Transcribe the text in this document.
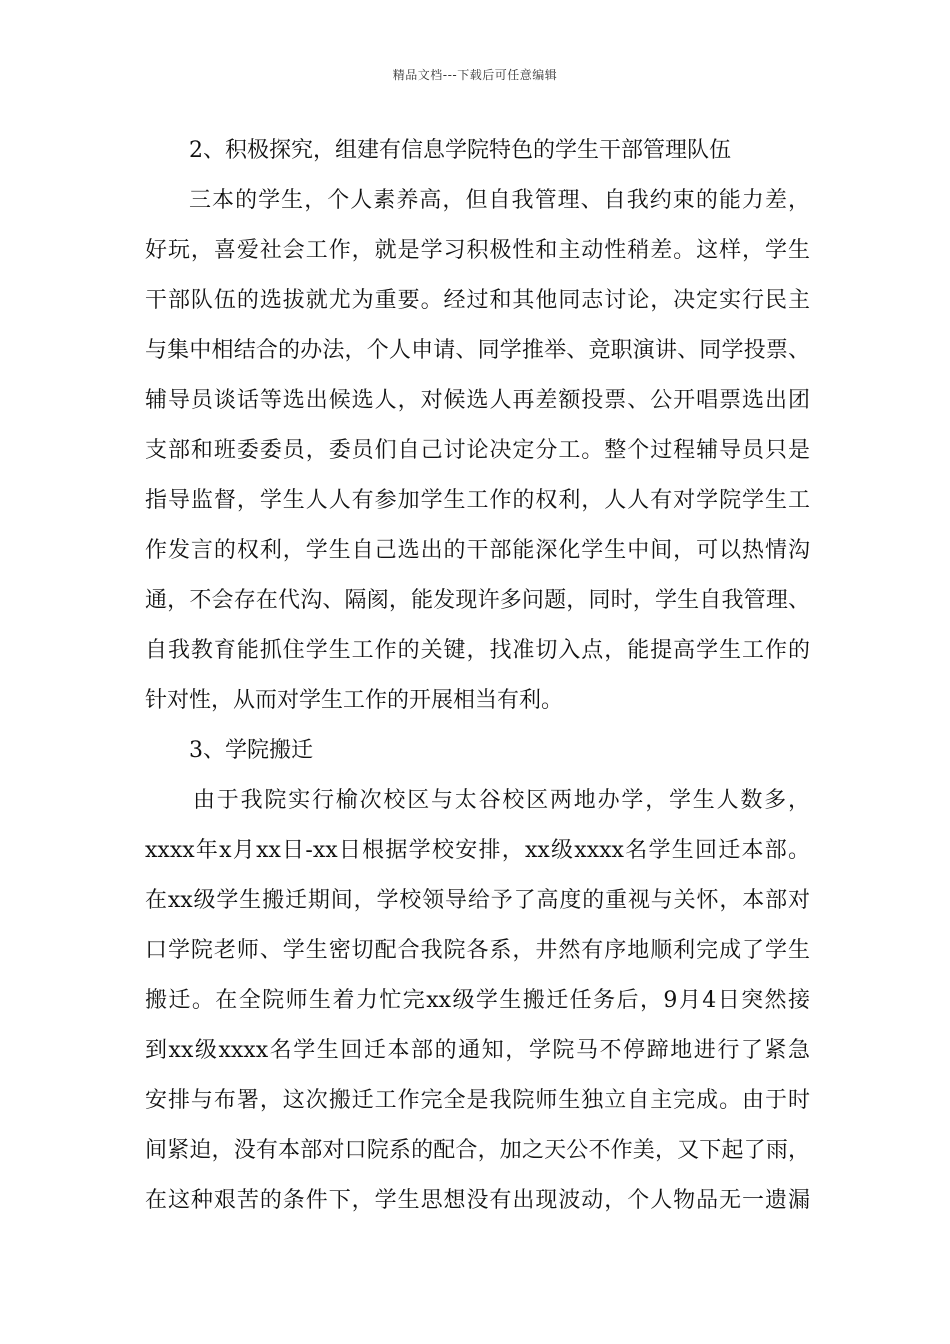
精品文档---下载后可任意编辑
2、积极探究，组建有信息学院特色的学生干部管理队伍
三本的学生，个人素养高，但自我管理、自我约束的能力差，
好玩，喜爱社会工作，就是学习积极性和主动性稍差。这样，学生
干部队伍的选拔就尤为重要。经过和其他同志讨论，决定实行民主
与集中相结合的办法，个人申请、同学推举、竞职演讲、同学投票、
辅导员谈话等选出候选人，对候选人再差额投票、公开唱票选出团
支部和班委委员，委员们自己讨论决定分工。整个过程辅导员只是
指导监督，学生人人有参加学生工作的权利，人人有对学院学生工
作发言的权利，学生自己选出的干部能深化学生中间，可以热情沟
通，不会存在代沟、隔阂，能发现许多问题，同时，学生自我管理、
自我教育能抓住学生工作的关键，找准切入点，能提高学生工作的
针对性，从而对学生工作的开展相当有利。
3、学院搬迁
由于我院实行榆次校区与太谷校区两地办学，学生人数多，
xxxx年x月xx日-xx日根据学校安排，xx级xxxx名学生回迁本部。
在xx级学生搬迁期间，学校领导给予了高度的重视与关怀，本部对
口学院老师、学生密切配合我院各系，井然有序地顺利完成了学生
搬迁。在全院师生着力忙完xx级学生搬迁任务后，9月4日突然接
到xx级xxxx名学生回迁本部的通知，学院马不停蹄地进行了紧急
安排与布署，这次搬迁工作完全是我院师生独立自主完成。由于时
间紧迫，没有本部对口院系的配合，加之天公不作美，又下起了雨，
在这种艰苦的条件下，学生思想没有出现波动，个人物品无一遗漏
